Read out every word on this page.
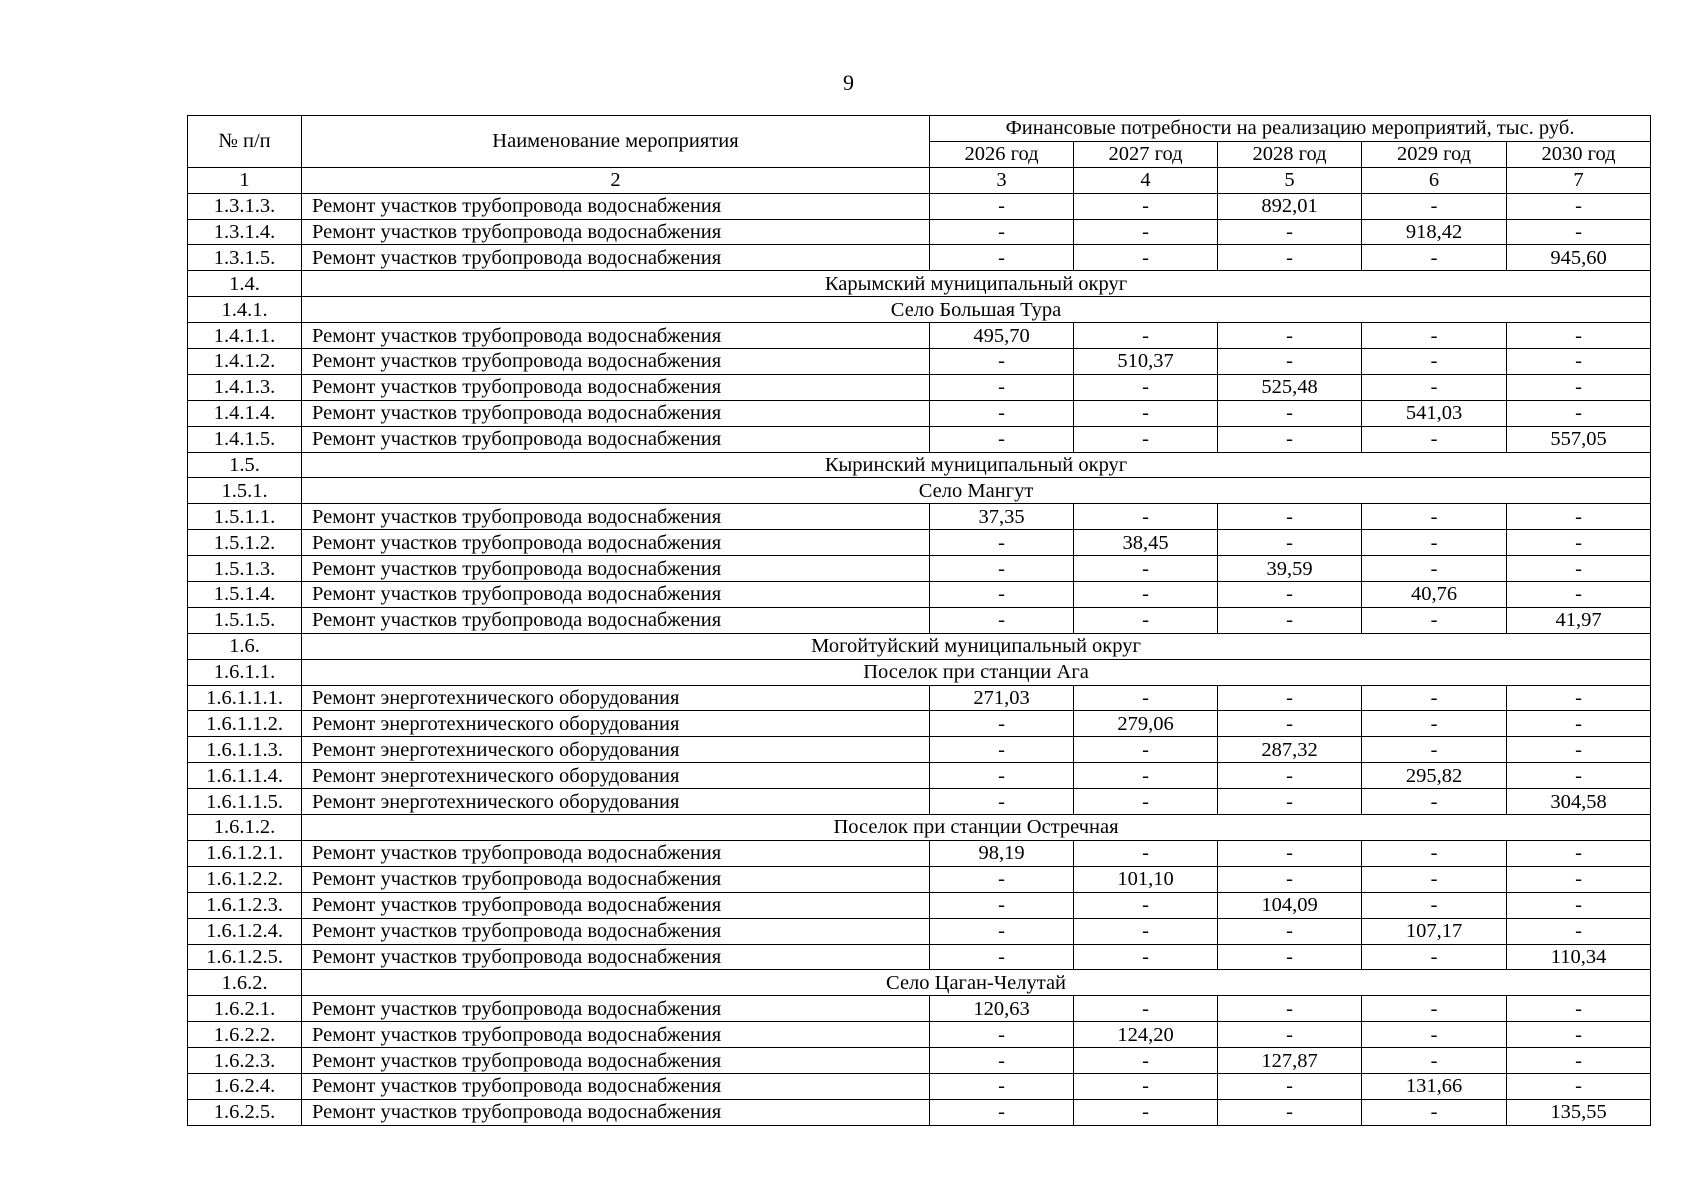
9
№ п/п	Наименование мероприятия	Финансовые потребности на реализацию мероприятий, тыс. руб.				
		2026 год	2027 год	2028 год	2029 год	2030 год
1	2	3	4	5	6	7
1.3.1.3.	Ремонт участков трубопровода водоснабжения	-	-	892,01	-	-
1.3.1.4.	Ремонт участков трубопровода водоснабжения	-	-	-	918,42	-
1.3.1.5.	Ремонт участков трубопровода водоснабжения	-	-	-	-	945,60
1.4.	Карымский муниципальный округ					
1.4.1.	Село Большая Тура					
1.4.1.1.	Ремонт участков трубопровода водоснабжения	495,70	-	-	-	-
1.4.1.2.	Ремонт участков трубопровода водоснабжения	-	510,37	-	-	-
1.4.1.3.	Ремонт участков трубопровода водоснабжения	-	-	525,48	-	-
1.4.1.4.	Ремонт участков трубопровода водоснабжения	-	-	-	541,03	-
1.4.1.5.	Ремонт участков трубопровода водоснабжения	-	-	-	-	557,05
1.5.	Кыринский муниципальный округ					
1.5.1.	Село Мангут					
1.5.1.1.	Ремонт участков трубопровода водоснабжения	37,35	-	-	-	-
1.5.1.2.	Ремонт участков трубопровода водоснабжения	-	38,45	-	-	-
1.5.1.3.	Ремонт участков трубопровода водоснабжения	-	-	39,59	-	-
1.5.1.4.	Ремонт участков трубопровода водоснабжения	-	-	-	40,76	-
1.5.1.5.	Ремонт участков трубопровода водоснабжения	-	-	-	-	41,97
1.6.	Могойтуйский муниципальный округ					
1.6.1.1.	Поселок при станции Ага					
1.6.1.1.1.	Ремонт энерготехнического оборудования	271,03	-	-	-	-
1.6.1.1.2.	Ремонт энерготехнического оборудования	-	279,06	-	-	-
1.6.1.1.3.	Ремонт энерготехнического оборудования	-	-	287,32	-	-
1.6.1.1.4.	Ремонт энерготехнического оборудования	-	-	-	295,82	-
1.6.1.1.5.	Ремонт энерготехнического оборудования	-	-	-	-	304,58
1.6.1.2.	Поселок при станции Остречная					
1.6.1.2.1.	Ремонт участков трубопровода водоснабжения	98,19	-	-	-	-
1.6.1.2.2.	Ремонт участков трубопровода водоснабжения	-	101,10	-	-	-
1.6.1.2.3.	Ремонт участков трубопровода водоснабжения	-	-	104,09	-	-
1.6.1.2.4.	Ремонт участков трубопровода водоснабжения	-	-	-	107,17	-
1.6.1.2.5.	Ремонт участков трубопровода водоснабжения	-	-	-	-	110,34
1.6.2.	Село Цаган-Челутай					
1.6.2.1.	Ремонт участков трубопровода водоснабжения	120,63	-	-	-	-
1.6.2.2.	Ремонт участков трубопровода водоснабжения	-	124,20	-	-	-
1.6.2.3.	Ремонт участков трубопровода водоснабжения	-	-	127,87	-	-
1.6.2.4.	Ремонт участков трубопровода водоснабжения	-	-	-	131,66	-
1.6.2.5.	Ремонт участков трубопровода водоснабжения	-	-	-	-	135,55
